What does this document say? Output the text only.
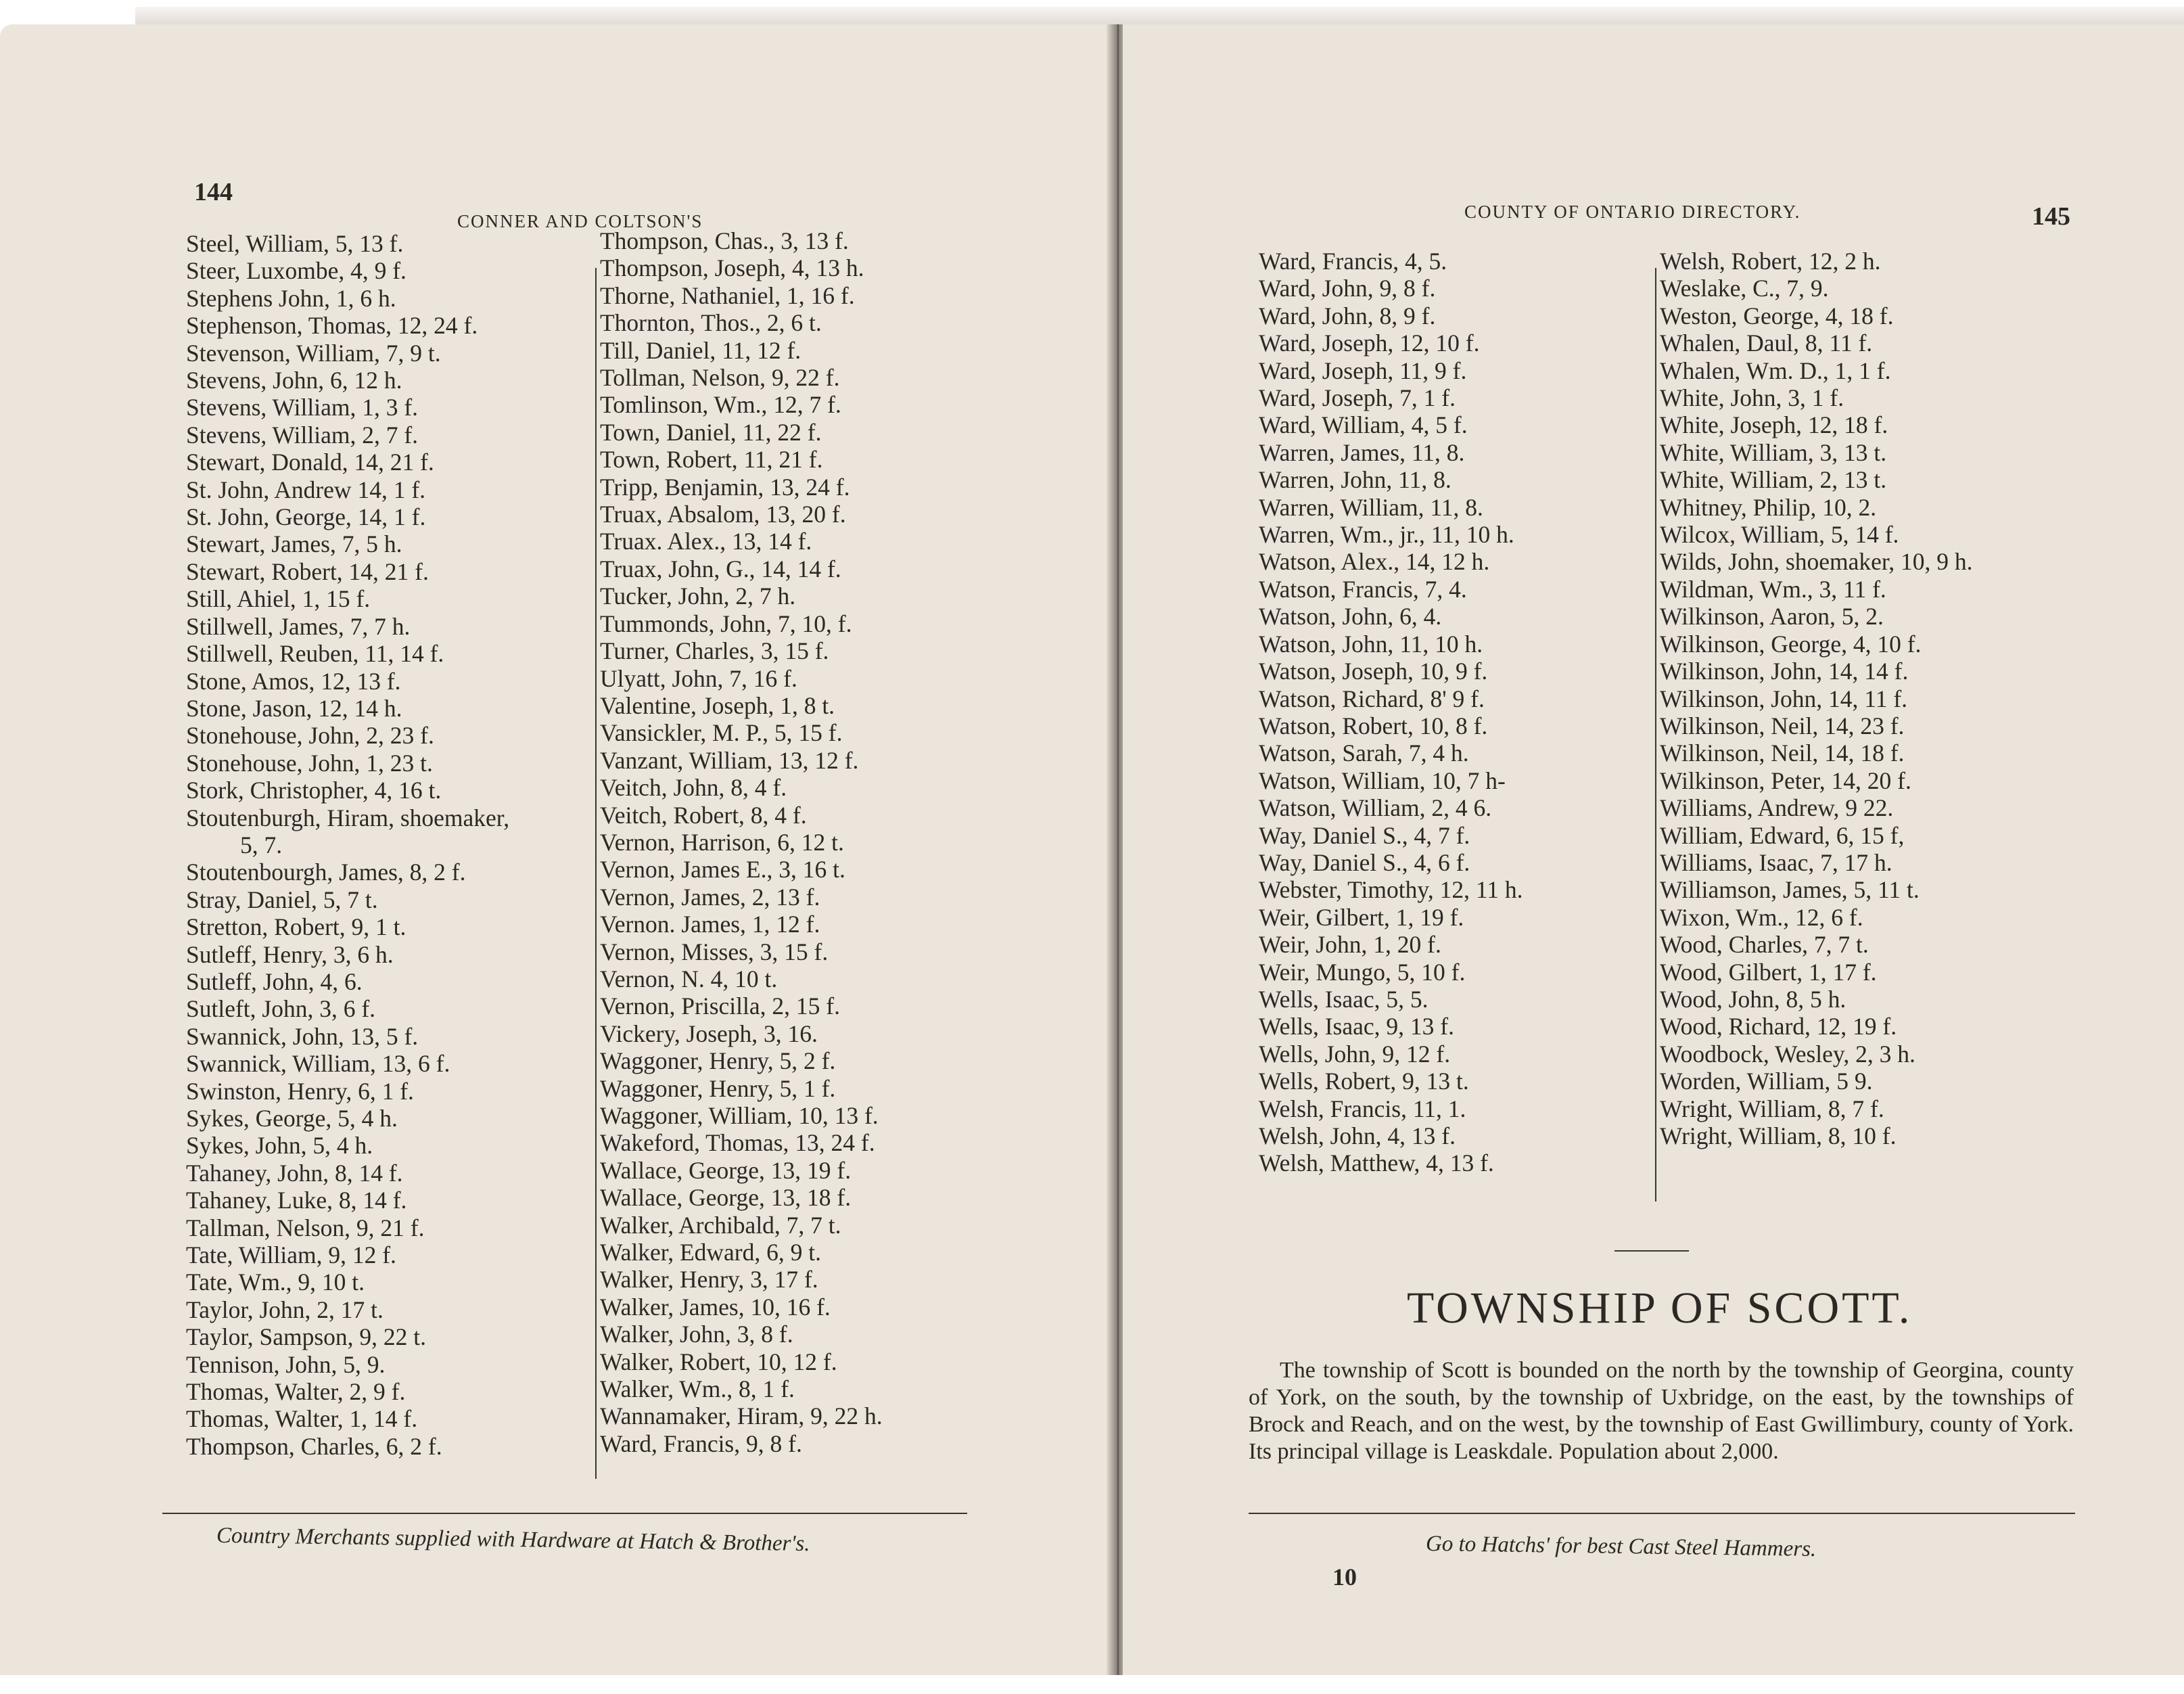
144
CONNER AND COLTSON'S
Steel, William, 5, 13 f.
Steer, Luxombe, 4, 9 f.
Stephens John, 1, 6 h.
Stephenson, Thomas, 12, 24 f.
Stevenson, William, 7, 9 t.
Stevens, John, 6, 12 h.
Stevens, William, 1, 3 f.
Stevens, William, 2, 7 f.
Stewart, Donald, 14, 21 f.
St. John, Andrew 14, 1 f.
St. John, George, 14, 1 f.
Stewart, James, 7, 5 h.
Stewart, Robert, 14, 21 f.
Still, Ahiel, 1, 15 f.
Stillwell, James, 7, 7 h.
Stillwell, Reuben, 11, 14 f.
Stone, Amos, 12, 13 f.
Stone, Jason, 12, 14 h.
Stonehouse, John, 2, 23 f.
Stonehouse, John, 1, 23 t.
Stork, Christopher, 4, 16 t.
Stoutenburgh, Hiram, shoemaker,
5, 7.
Stoutenbourgh, James, 8, 2 f.
Stray, Daniel, 5, 7 t.
Stretton, Robert, 9, 1 t.
Sutleff, Henry, 3, 6 h.
Sutleff, John, 4, 6.
Sutleft, John, 3, 6 f.
Swannick, John, 13, 5 f.
Swannick, William, 13, 6 f.
Swinston, Henry, 6, 1 f.
Sykes, George, 5, 4 h.
Sykes, John, 5, 4 h.
Tahaney, John, 8, 14 f.
Tahaney, Luke, 8, 14 f.
Tallman, Nelson, 9, 21 f.
Tate, William, 9, 12 f.
Tate, Wm., 9, 10 t.
Taylor, John, 2, 17 t.
Taylor, Sampson, 9, 22 t.
Tennison, John, 5, 9.
Thomas, Walter, 2, 9 f.
Thomas, Walter, 1, 14 f.
Thompson, Charles, 6, 2 f.
Thompson, Chas., 3, 13 f.
Thompson, Joseph, 4, 13 h.
Thorne, Nathaniel, 1, 16 f.
Thornton, Thos., 2, 6 t.
Till, Daniel, 11, 12 f.
Tollman, Nelson, 9, 22 f.
Tomlinson, Wm., 12, 7 f.
Town, Daniel, 11, 22 f.
Town, Robert, 11, 21 f.
Tripp, Benjamin, 13, 24 f.
Truax, Absalom, 13, 20 f.
Truax. Alex., 13, 14 f.
Truax, John, G., 14, 14 f.
Tucker, John, 2, 7 h.
Tummonds, John, 7, 10, f.
Turner, Charles, 3, 15 f.
Ulyatt, John, 7, 16 f.
Valentine, Joseph, 1, 8 t.
Vansickler, M. P., 5, 15 f.
Vanzant, William, 13, 12 f.
Veitch, John, 8, 4 f.
Veitch, Robert, 8, 4 f.
Vernon, Harrison, 6, 12 t.
Vernon, James E., 3, 16 t.
Vernon, James, 2, 13 f.
Vernon. James, 1, 12 f.
Vernon, Misses, 3, 15 f.
Vernon, N. 4, 10 t.
Vernon, Priscilla, 2, 15 f.
Vickery, Joseph, 3, 16.
Waggoner, Henry, 5, 2 f.
Waggoner, Henry, 5, 1 f.
Waggoner, William, 10, 13 f.
Wakeford, Thomas, 13, 24 f.
Wallace, George, 13, 19 f.
Wallace, George, 13, 18 f.
Walker, Archibald, 7, 7 t.
Walker, Edward, 6, 9 t.
Walker, Henry, 3, 17 f.
Walker, James, 10, 16 f.
Walker, John, 3, 8 f.
Walker, Robert, 10, 12 f.
Walker, Wm., 8, 1 f.
Wannamaker, Hiram, 9, 22 h.
Ward, Francis, 9, 8 f.
Country Merchants supplied with Hardware at Hatch & Brother's.
COUNTY OF ONTARIO DIRECTORY.	145
Ward, Francis, 4, 5.
Ward, John, 9, 8 f.
Ward, John, 8, 9 f.
Ward, Joseph, 12, 10 f.
Ward, Joseph, 11, 9 f.
Ward, Joseph, 7, 1 f.
Ward, William, 4, 5 f.
Warren, James, 11, 8.
Warren, John, 11, 8.
Warren, William, 11, 8.
Warren, Wm., jr., 11, 10 h.
Watson, Alex., 14, 12 h.
Watson, Francis, 7, 4.
Watson, John, 6, 4.
Watson, John, 11, 10 h.
Watson, Joseph, 10, 9 f.
Watson, Richard, 8' 9 f.
Watson, Robert, 10, 8 f.
Watson, Sarah, 7, 4 h.
Watson, William, 10, 7 h-
Watson, William, 2, 4 6.
Way, Daniel S., 4, 7 f.
Way, Daniel S., 4, 6 f.
Webster, Timothy, 12, 11 h.
Weir, Gilbert, 1, 19 f.
Weir, John, 1, 20 f.
Weir, Mungo, 5, 10 f.
Wells, Isaac, 5, 5.
Wells, Isaac, 9, 13 f.
Wells, John, 9, 12 f.
Wells, Robert, 9, 13 t.
Welsh, Francis, 11, 1.
Welsh, John, 4, 13 f.
Welsh, Matthew, 4, 13 f.
Welsh, Robert, 12, 2 h.
Weslake, C., 7, 9.
Weston, George, 4, 18 f.
Whalen, Daul, 8, 11 f.
Whalen, Wm. D., 1, 1 f.
White, John, 3, 1 f.
White, Joseph, 12, 18 f.
White, William, 3, 13 t.
White, William, 2, 13 t.
Whitney, Philip, 10, 2.
Wilcox, William, 5, 14 f.
Wilds, John, shoemaker, 10, 9 h.
Wildman, Wm., 3, 11 f.
Wilkinson, Aaron, 5, 2.
Wilkinson, George, 4, 10 f.
Wilkinson, John, 14, 14 f.
Wilkinson, John, 14, 11 f.
Wilkinson, Neil, 14, 23 f.
Wilkinson, Neil, 14, 18 f.
Wilkinson, Peter, 14, 20 f.
Williams, Andrew, 9 22.
William, Edward, 6, 15 f,
Williams, Isaac, 7, 17 h.
Williamson, James, 5, 11 t.
Wixon, Wm., 12, 6 f.
Wood, Charles, 7, 7 t.
Wood, Gilbert, 1, 17 f.
Wood, John, 8, 5 h.
Wood, Richard, 12, 19 f.
Woodbock, Wesley, 2, 3 h.
Worden, William, 5 9.
Wright, William, 8, 7 f.
Wright, William, 8, 10 f.
TOWNSHIP OF SCOTT.

The township of Scott is bounded on the north by the township of Georgina, county of York, on the south, by the township of Uxbridge, on the east, by the townships of Brock and Reach, and on the west, by the township of East Gwillimbury, county of York. Its principal village is Leaskdale. Population about 2,000.

Go to Hatchs' for best Cast Steel Hammers.
10
